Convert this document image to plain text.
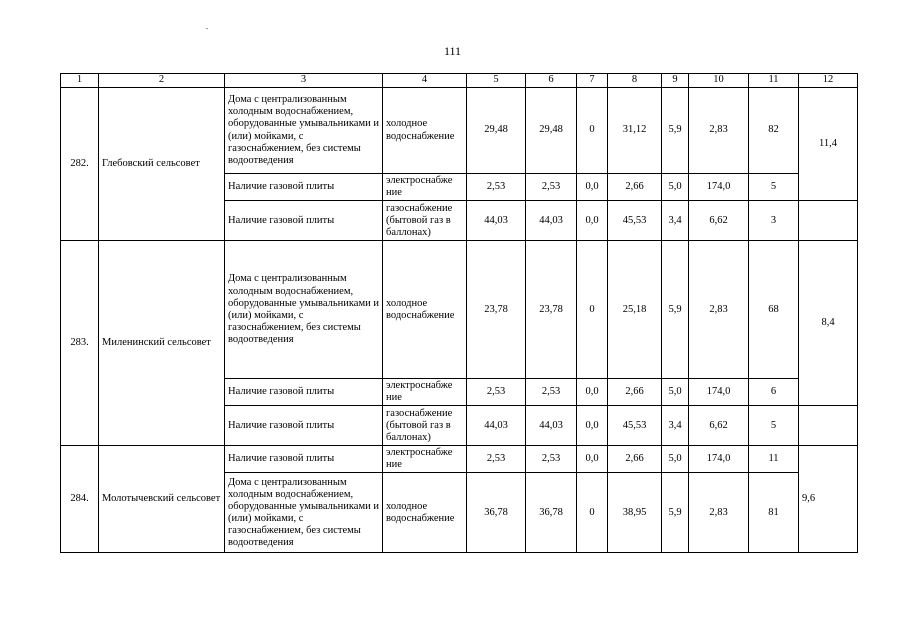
111
1	2	3	4	5	6	7	8	9	10	11	12
282.	Глебовский сельсовет	Дома с централизованным холодным водоснабжением, оборудованные умывальниками и (или) мойками, с газоснабжением, без системы водоотведения	холодное водоснабжение	29,48	29,48	0	31,12	5,9	2,83	82	11,4
		Наличие газовой плиты	электроснабже ние	2,53	2,53	0,0	2,66	5,0	174,0	5	
		Наличие газовой плиты	газоснабжение (бытовой газ в баллонах)	44,03	44,03	0,0	45,53	3,4	6,62	3	
283.	Миленинский сельсовет	Дома с централизованным холодным водоснабжением, оборудованные умывальниками и (или) мойками, с газоснабжением, без системы водоотведения	холодное водоснабжение	23,78	23,78	0	25,18	5,9	2,83	68	8,4
		Наличие газовой плиты	электроснабже ние	2,53	2,53	0,0	2,66	5,0	174,0	6	
		Наличие газовой плиты	газоснабжение (бытовой газ в баллонах)	44,03	44,03	0,0	45,53	3,4	6,62	5	
284.	Молотычевский сельсовет	Наличие газовой плиты	электроснабже ние	2,53	2,53	0,0	2,66	5,0	174,0	11	9,6
		Дома с централизованным холодным водоснабжением, оборудованные умывальниками и (или) мойками, с газоснабжением, без системы водоотведения	холодное водоснабжение	36,78	36,78	0	38,95	5,9	2,83	81	
